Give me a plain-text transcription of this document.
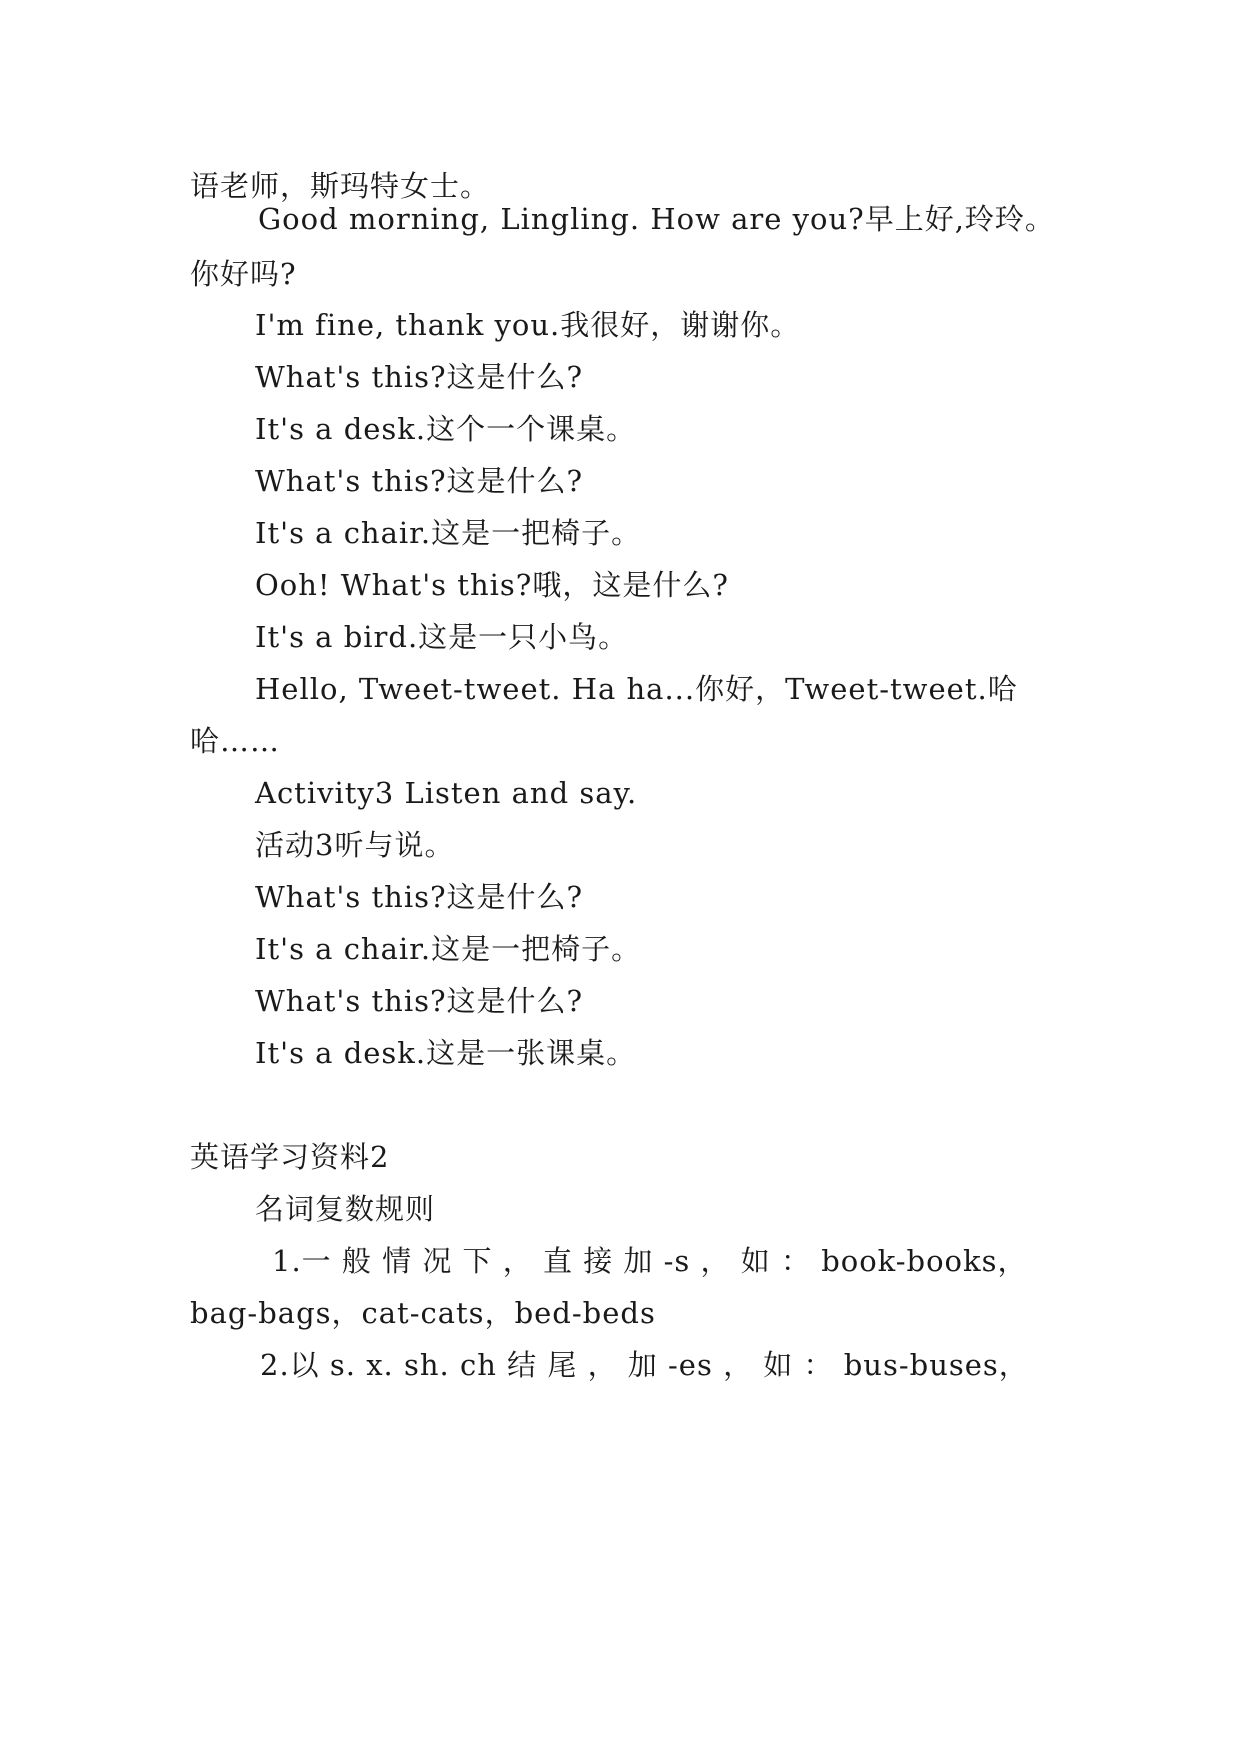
语老师，斯玛特女士。
Good morning, Lingling. How are you?早上好,玲玲。
你好吗?
I'm fine, thank you.我很好，谢谢你。
What's this?这是什么?
It's a desk.这个一个课桌。
What's this?这是什么?
It's a chair.这是一把椅子。
Ooh! What's this?哦，这是什么?
It's a bird.这是一只小鸟。
Hello, Tweet-tweet. Ha ha...你好，Tweet-tweet.哈
哈……
Activity3 Listen and say.
活动3听与说。
What's this?这是什么?
It's a chair.这是一把椅子。
What's this?这是什么?
It's a desk.这是一张课桌。
英语学习资料2
名词复数规则
1.一 般 情 况 下 ， 直 接 加 -s ， 如 ： book-books，
bag-bags，cat-cats，bed-beds
2.以 s. x. sh. ch 结 尾 ， 加 -es ， 如 ： bus-buses，
